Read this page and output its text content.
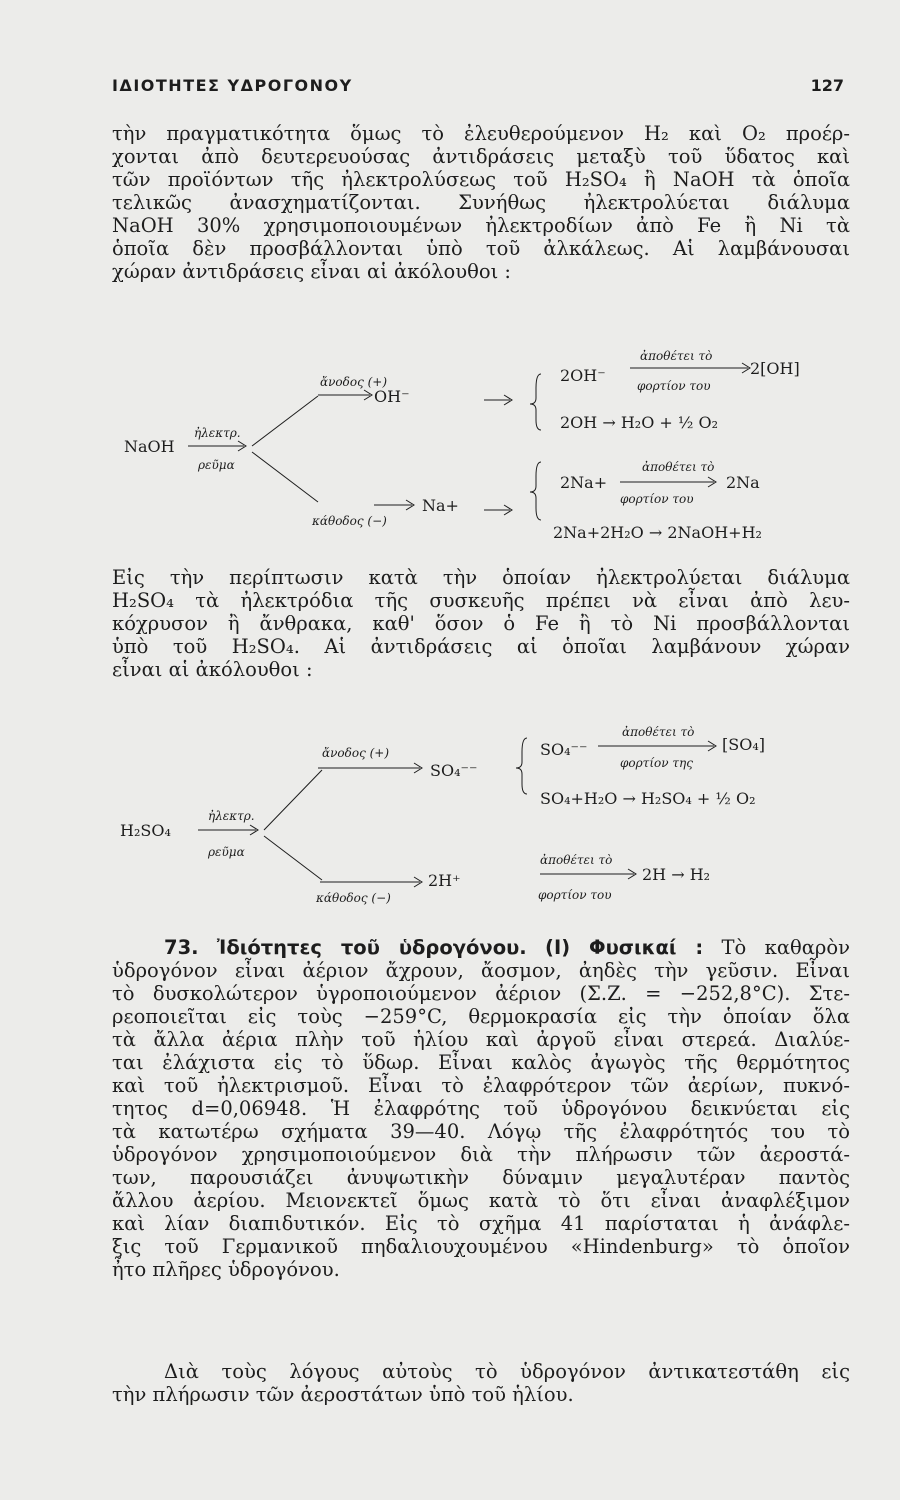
ΙΔΙΟΤΗΤΕΣ ΥΔΡΟΓΟΝΟΥ	127
τὴν πραγματικότητα ὅμως τὸ ἐλευθερούμενον H₂ καὶ O₂ προέρ-
χονται ἀπὸ δευτερευούσας ἀντιδράσεις μεταξὺ τοῦ ὕδατος καὶ
τῶν προϊόντων τῆς ἠλεκτρολύσεως τοῦ H₂SO₄ ἢ NaOH τὰ ὁποῖα
τελικῶς ἀνασχηματίζονται. Συνήθως ἠλεκτρολύεται διάλυμα
NaOH 30% χρησιμοποιουμένων ἠλεκτροδίων ἀπὸ Fe ἢ Ni τὰ
ὁποῖα δὲν προσβάλλονται ὑπὸ τοῦ ἀλκάλεως. Αἱ λαμβάνουσαι
χώραν ἀντιδράσεις εἶναι αἱ ἀκόλουθοι :
NaOH
ἠλεκτρ.
ρεῦμα
ἄνοδος (+)
OH⁻
Na+
κάθοδος (−)
2OH⁻
ἀποθέτει τὸ
φορτίον του
2[OH]
2OH → H₂O + ½ O₂
2Na+
ἀποθέτει τὸ
φορτίον του
2Na
2Na+2H₂O → 2NaOH+H₂
H₂SO₄
ἠλεκτρ.
ρεῦμα
ἄνοδος (+)
SO₄⁻⁻
SO₄⁻⁻
ἀποθέτει τὸ
φορτίον της
[SO₄]
SO₄+H₂O → H₂SO₄ + ½ O₂
2H⁺
κάθοδος (−)
ἀποθέτει τὸ
φορτίον του
2H → H₂
Εἰς τὴν περίπτωσιν κατὰ τὴν ὁποίαν ἠλεκτρολύεται διάλυμα
H₂SO₄ τὰ ἠλεκτρόδια τῆς συσκευῆς πρέπει νὰ εἶναι ἀπὸ λευ-
κόχρυσον ἢ ἄνθρακα, καθ' ὅσον ὁ Fe ἢ τὸ Ni προσβάλλονται
ὑπὸ τοῦ H₂SO₄. Αἱ ἀντιδράσεις αἱ ὁποῖαι λαμβάνουν χώραν
εἶναι αἱ ἀκόλουθοι :
73. Ἰδιότητες τοῦ ὑδρογόνου. (I) Φυσικαί : Τὸ καθαρὸν
ὑδρογόνον εἶναι ἀέριον ἄχρουν, ἄοσμον, ἀηδὲς τὴν γεῦσιν. Εἶναι
τὸ δυσκολώτερον ὑγροποιούμενον ἀέριον (Σ.Ζ. = −252,8°C). Στε-
ρεοποιεῖται εἰς τοὺς −259°C, θερμοκρασία εἰς τὴν ὁποίαν ὅλα
τὰ ἄλλα ἀέρια πλὴν τοῦ ἡλίου καὶ ἀργοῦ εἶναι στερεά. Διαλύε-
ται ἐλάχιστα εἰς τὸ ὕδωρ. Εἶναι καλὸς ἀγωγὸς τῆς θερμότητος
καὶ τοῦ ἠλεκτρισμοῦ. Εἶναι τὸ ἐλαφρότερον τῶν ἀερίων, πυκνό-
τητος d=0,06948. Ἡ ἐλαφρότης τοῦ ὑδρογόνου δεικνύεται εἰς
τὰ κατωτέρω σχήματα 39—40. Λόγῳ τῆς ἐλαφρότητός του τὸ
ὑδρογόνον χρησιμοποιούμενον διὰ τὴν πλήρωσιν τῶν ἀεροστά-
των, παρουσιάζει ἀνυψωτικὴν δύναμιν μεγαλυτέραν παντὸς
ἄλλου ἀερίου. Μειονεκτεῖ ὅμως κατὰ τὸ ὅτι εἶναι ἀναφλέξιμον
καὶ λίαν διαπιδυτικόν. Εἰς τὸ σχῆμα 41 παρίσταται ἡ ἀνάφλε-
ξις τοῦ Γερμανικοῦ πηδαλιουχουμένου «Hindenburg» τὸ ὁποῖον
ἦτο πλῆρες ὑδρογόνου.
Διὰ τοὺς λόγους αὐτοὺς τὸ ὑδρογόνον ἀντικατεστάθη εἰς
τὴν πλήρωσιν τῶν ἀεροστάτων ὑπὸ τοῦ ἡλίου.
